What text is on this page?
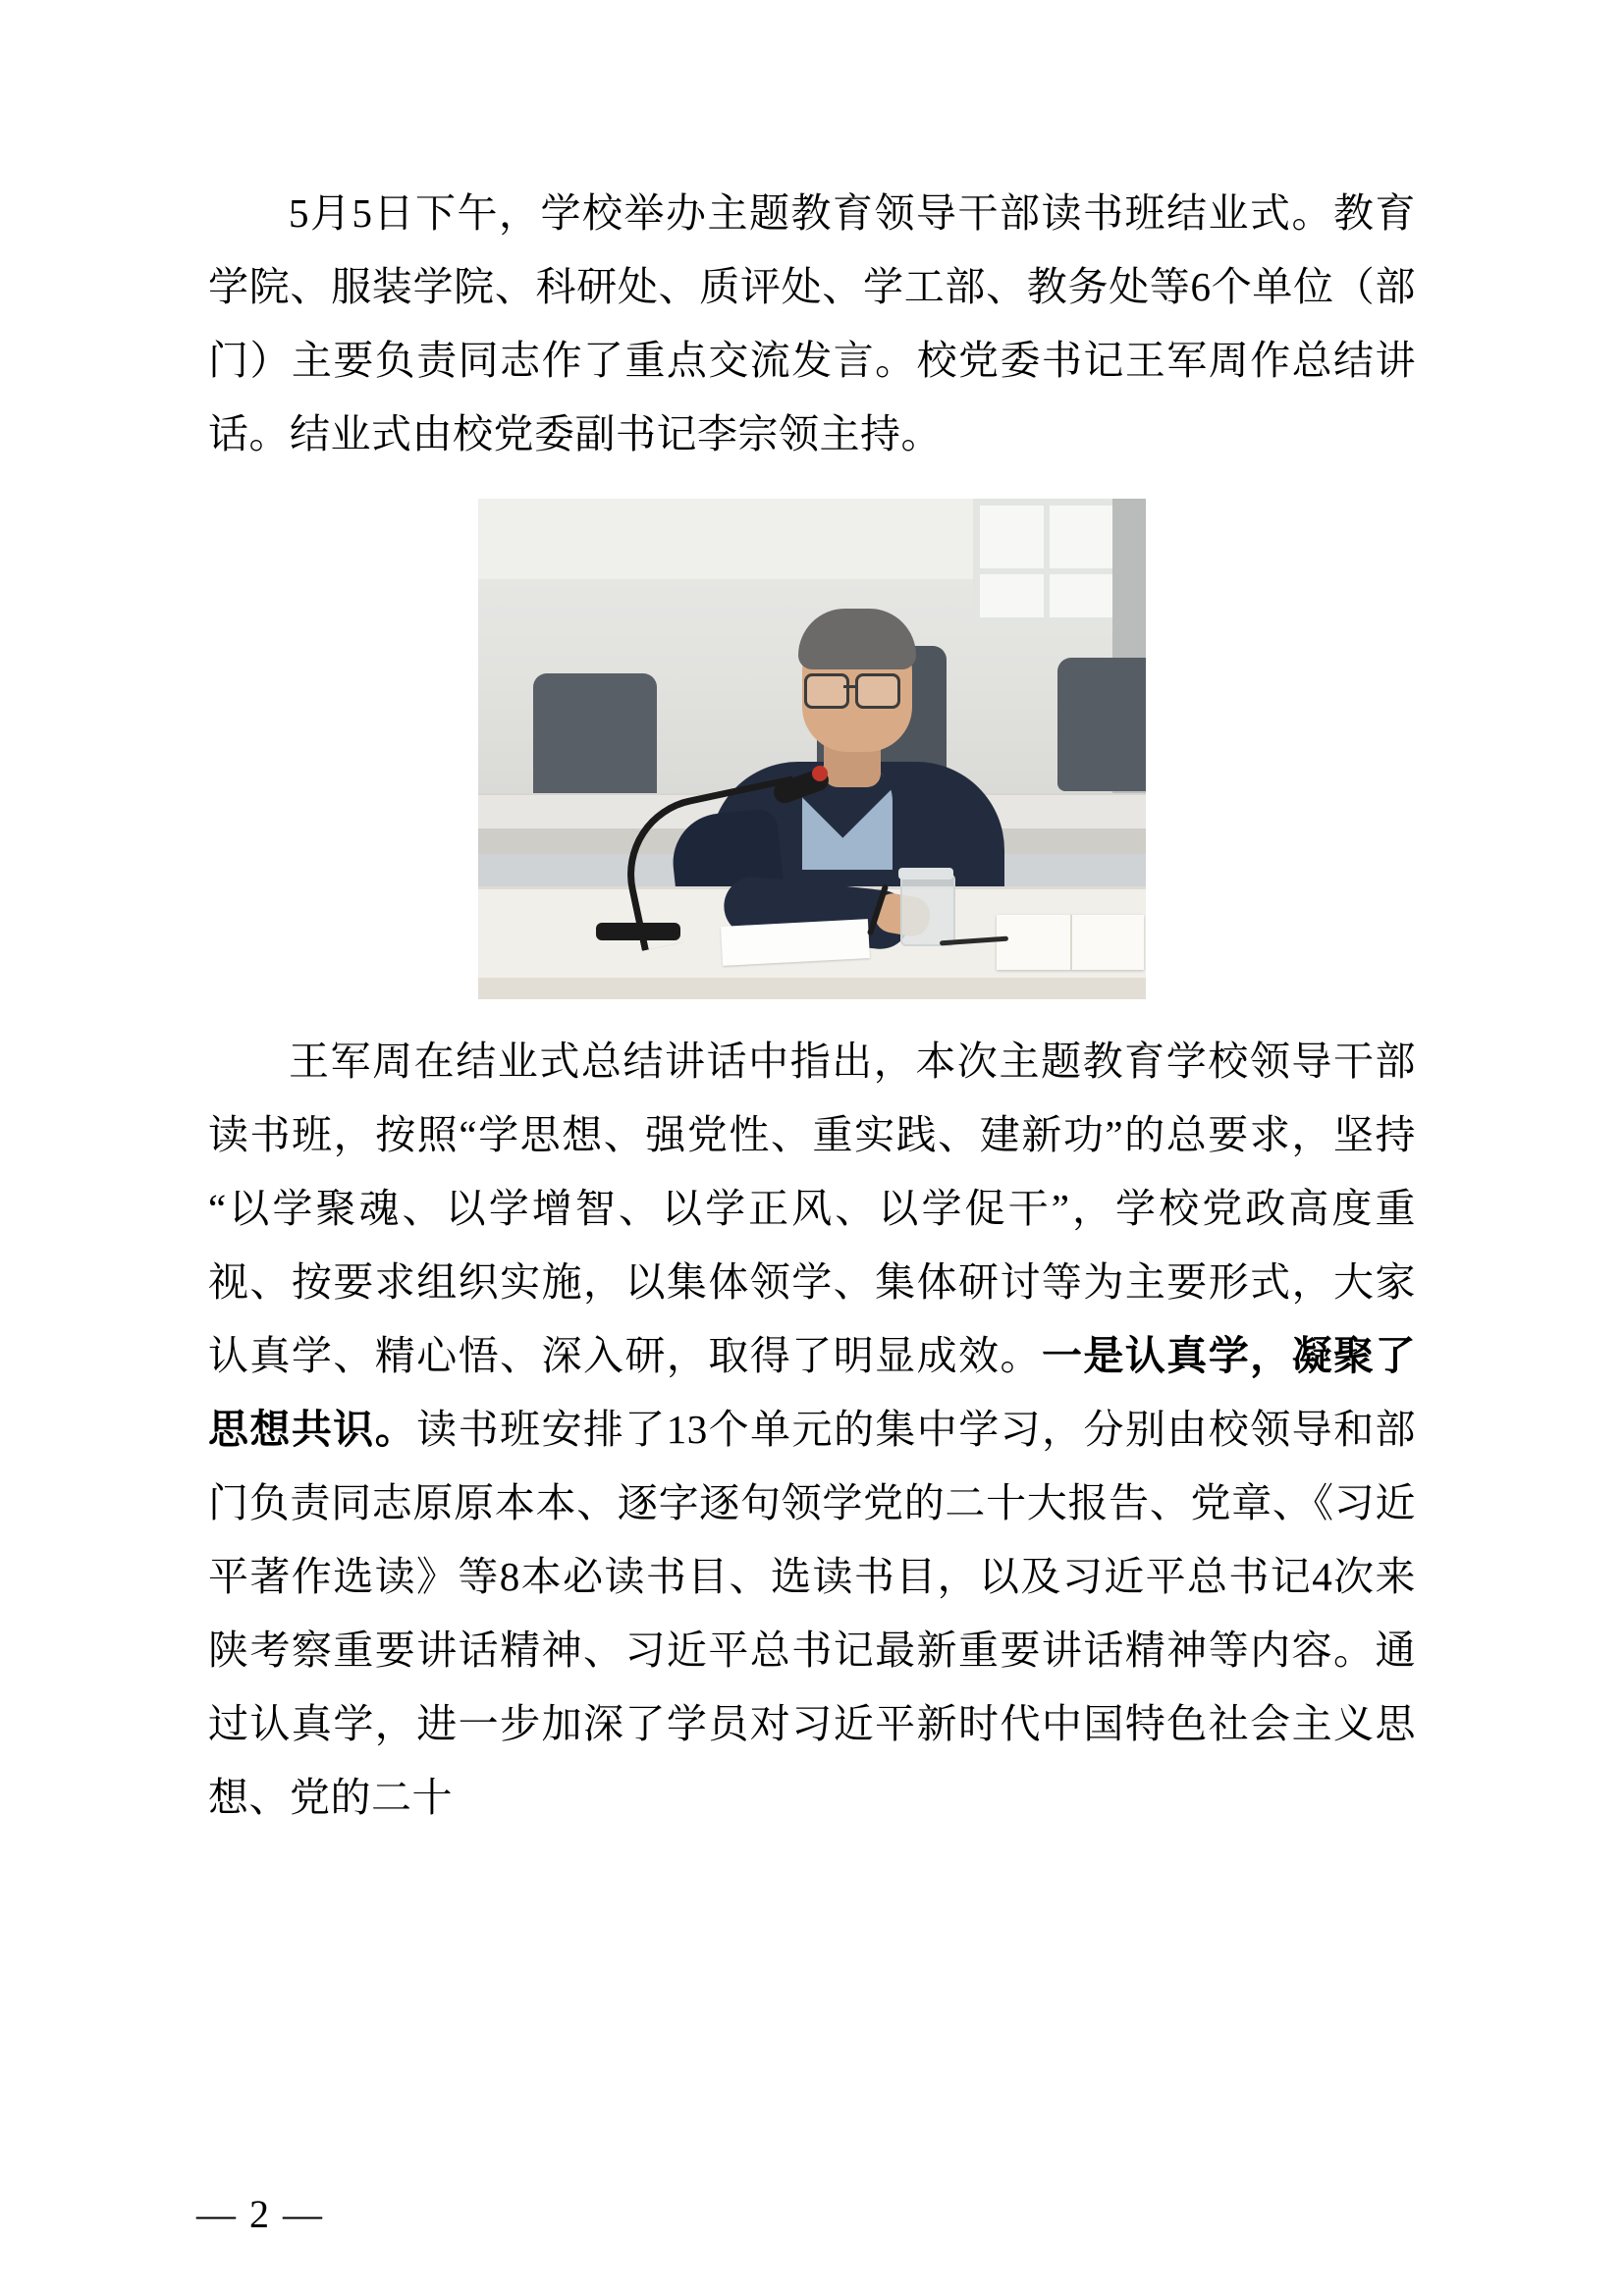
5月5日下午，学校举办主题教育领导干部读书班结业式。教育学院、服装学院、科研处、质评处、学工部、教务处等6个单位（部门）主要负责同志作了重点交流发言。校党委书记王军周作总结讲话。结业式由校党委副书记李宗领主持。

王军周在结业式总结讲话中指出，本次主题教育学校领导干部读书班，按照“学思想、强党性、重实践、建新功”的总要求，坚持“以学聚魂、以学增智、以学正风、以学促干”，学校党政高度重视、按要求组织实施，以集体领学、集体研讨等为主要形式，大家认真学、精心悟、深入研，取得了明显成效。一是认真学，凝聚了思想共识。读书班安排了13个单元的集中学习，分别由校领导和部门负责同志原原本本、逐字逐句领学党的二十大报告、党章、《习近平著作选读》等8本必读书目、选读书目，以及习近平总书记4次来陕考察重要讲话精神、习近平总书记最新重要讲话精神等内容。通过认真学，进一步加深了学员对习近平新时代中国特色社会主义思想、党的二十

— 2 —
